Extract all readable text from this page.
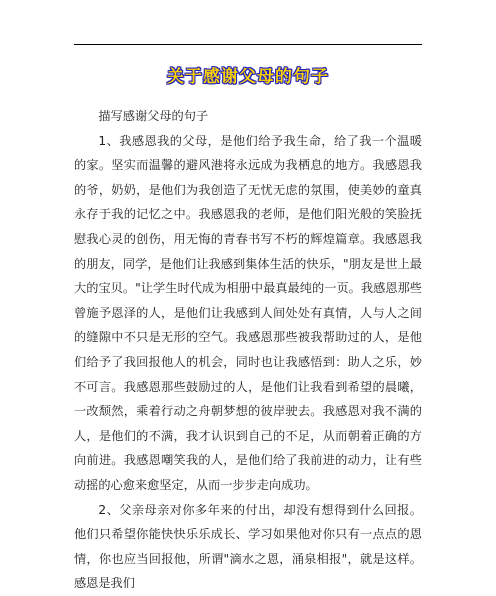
关于感谢父母的句子

描写感谢父母的句子

1、我感恩我的父母，是他们给予我生命，给了我一个温暖的家。坚实而温馨的避风港将永远成为我栖息的地方。我感恩我的爷，奶奶，是他们为我创造了无忧无虑的氛围，使美妙的童真永存于我的记忆之中。我感恩我的老师，是他们阳光般的笑脸抚慰我心灵的创伤，用无悔的青春书写不朽的辉煌篇章。我感恩我的朋友，同学，是他们让我感到集体生活的快乐，"朋友是世上最大的宝贝。"让学生时代成为相册中最真最纯的一页。我感恩那些曾施予恩泽的人，是他们让我感到人间处处有真情，人与人之间的缝隙中不只是无形的空气。我感恩那些被我帮助过的人，是他们给予了我回报他人的机会，同时也让我感悟到：助人之乐，妙不可言。我感恩那些鼓励过的人，是他们让我看到希望的晨曦，一改颓然，乘着行动之舟朝梦想的彼岸驶去。我感恩对我不满的人，是他们的不满，我才认识到自己的不足，从而朝着正确的方向前进。我感恩嘲笑我的人，是他们给了我前进的动力，让有些动摇的心愈来愈坚定，从而一步步走向成功。

2、父亲母亲对你多年来的付出，却没有想得到什么回报。他们只希望你能快快乐乐成长、学习如果他对你只有一点点的恩情，你也应当回报他，所谓"滴水之恩，涌泉相报"，就是这样。感恩是我们
